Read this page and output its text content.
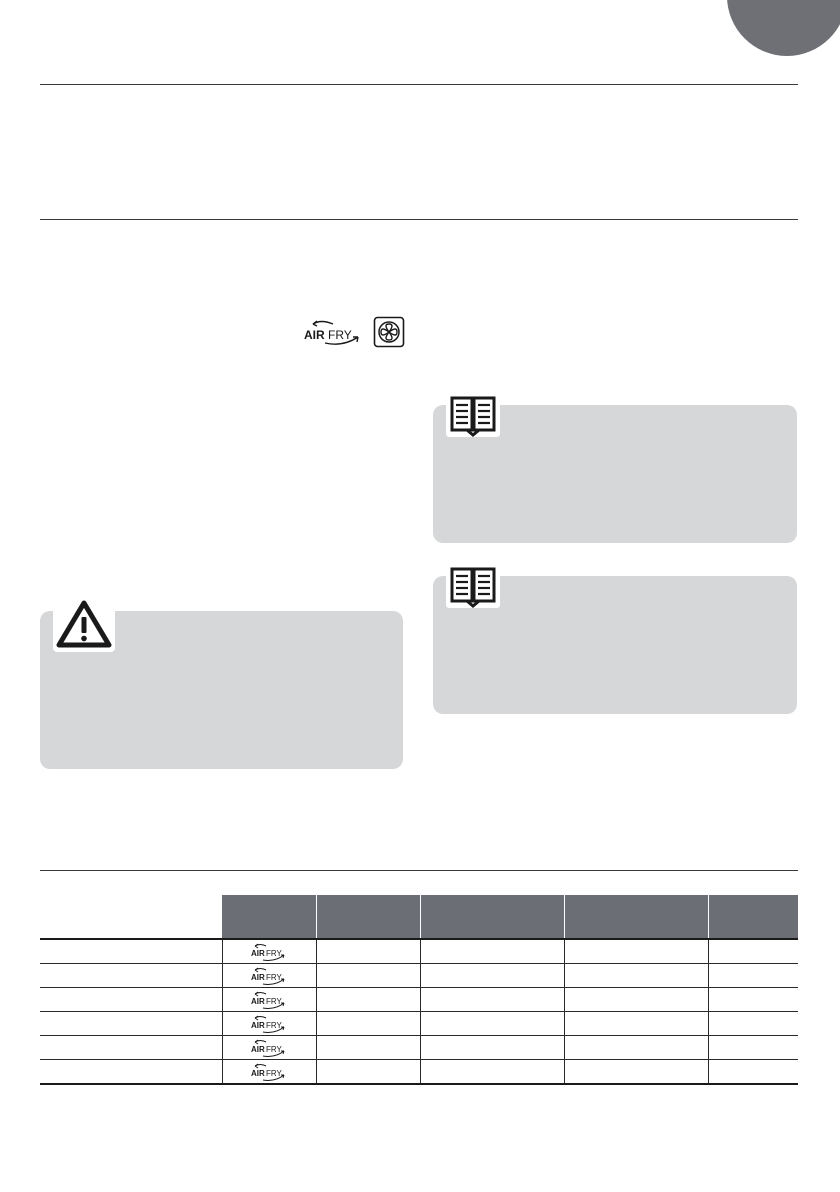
AIR FRY

AIR FRY				

AIR FRY				

AIR FRY				

AIR FRY				

AIR FRY				

AIR FRY				
